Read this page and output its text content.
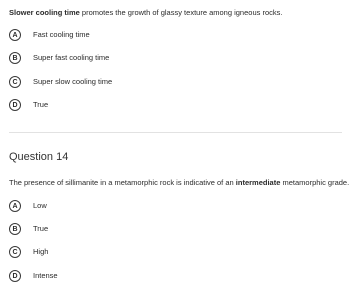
Slower cooling time promotes the growth of glassy texture among igneous rocks.
A	Fast cooling time
B	Super fast cooling time
C	Super slow cooling time
D	True
Question 14
The presence of sillimanite in a metamorphic rock is indicative of an intermediate metamorphic grade.
A	Low
B	True
C	High
D	Intense
